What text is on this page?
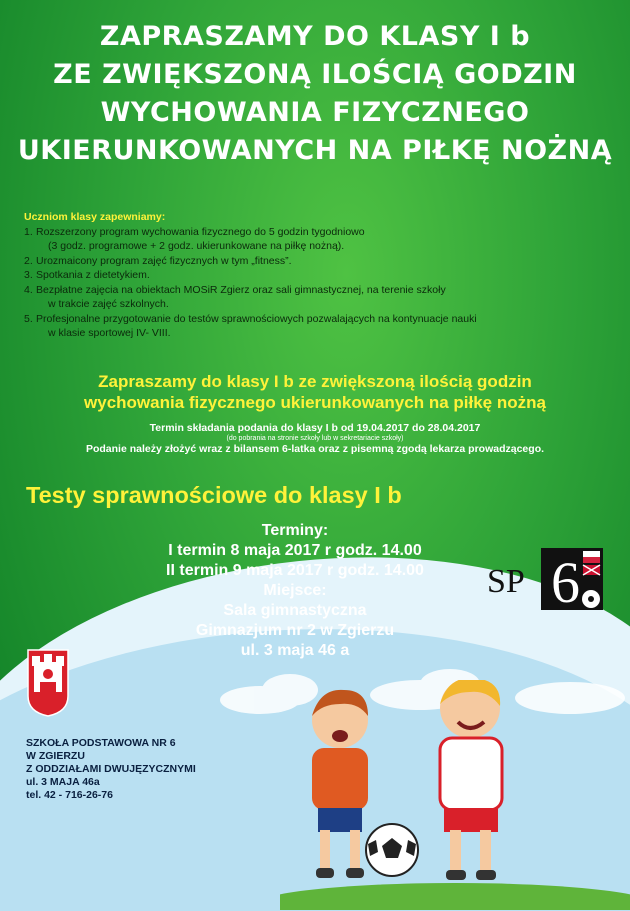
ZAPRASZAMY DO KLASY I b
ZE ZWIĘKSZONĄ ILOŚCIĄ GODZIN
WYCHOWANIA FIZYCZNEGO
UKIERUNKOWANYCH NA PIŁKĘ NOŻNĄ
Uczniom klasy zapewniamy:
1. Rozszerzony program wychowania fizycznego do 5 godzin tygodniowo
(3 godz. programowe + 2 godz. ukierunkowane na piłkę nożną).
2. Urozmaicony program zajęć fizycznych w tym „fitness”.
3. Spotkania z dietetykiem.
4. Bezpłatne zajęcia na obiektach MOSiR Zgierz oraz sali gimnastycznej, na terenie szkoły
w trakcie zajęć szkolnych.
5. Profesjonalne przygotowanie do testów sprawnościowych pozwalających na kontynuacje nauki
w klasie sportowej IV- VIII.
Zapraszamy do klasy I b ze zwiększoną ilością godzin
wychowania fizycznego ukierunkowanych na piłkę nożną
Termin składania podania do klasy I b od 19.04.2017 do 28.04.2017
(do pobrania na stronie szkoły lub w sekretariacie szkoły)
Podanie należy złożyć wraz z bilansem 6-latka oraz z pisemną zgodą lekarza prowadzącego.
Testy sprawnościowe do klasy I b
Terminy:
I termin 8 maja 2017 r godz. 14.00
II termin 9 maja 2017 r godz. 14.00
Miejsce:
Sala gimnastyczna
Gimnazjum nr 2 w Zgierzu
ul. 3 maja 46 a
SP 6
SZKOŁA PODSTAWOWA NR 6
W ZGIERZU
Z ODDZIAŁAMI DWUJĘZYCZNYMI
ul. 3 MAJA 46a
tel. 42 - 716-26-76
